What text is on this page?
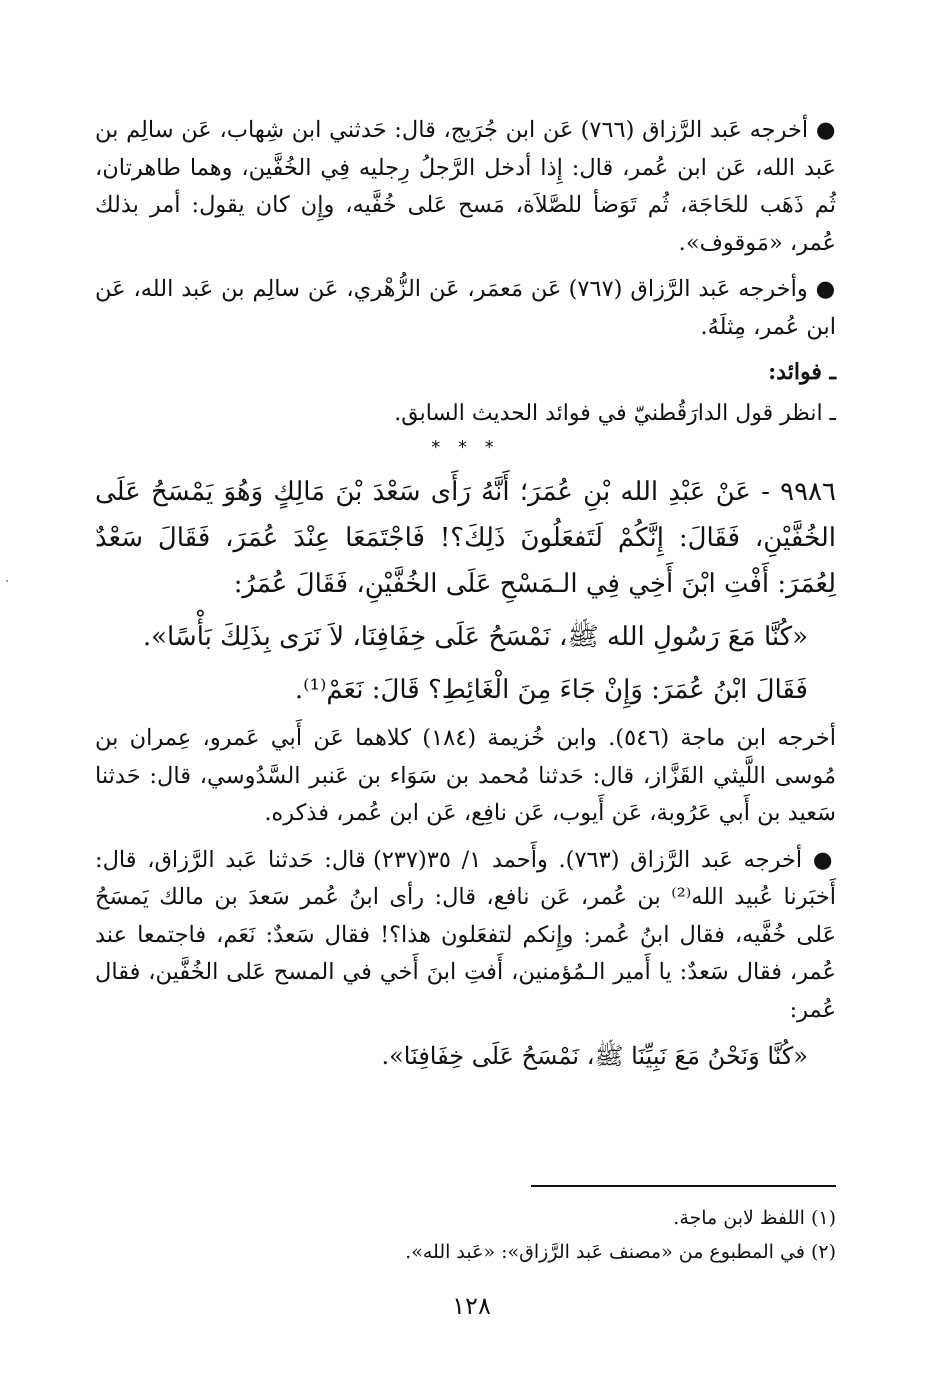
● أخرجه عَبد الرَّزاق (٧٦٦) عَن ابن جُرَيج، قال: حَدثني ابن شِهاب، عَن سالِم بن عَبد الله، عَن ابن عُمر، قال: إِذا أدخل الرَّجلُ رِجليه فِي الخُفَّين، وهما طاهرتان، ثُم ذَهَب للحَاجَة، ثُم تَوَضأ للصَّلاَة، مَسح عَلى خُفَّيه، وإِن كان يقول: أمر بذلك عُمر، «مَوقوف».

● وأخرجه عَبد الرَّزاق (٧٦٧) عَن مَعمَر، عَن الزُّهْري، عَن سالِم بن عَبد الله، عَن ابن عُمر، مِثلَهُ.

ـ فوائد:

ـ انظر قول الدارَقُطنيّ في فوائد الحديث السابق.

* * *

٩٩٨٦ - عَنْ عَبْدِ الله بْنِ عُمَرَ؛ أَنَّهُ رَأَى سَعْدَ بْنَ مَالِكٍ وَهُوَ يَمْسَحُ عَلَى الخُفَّيْنِ، فَقَالَ: إِنَّكُمْ لَتَفعَلُونَ ذَلِكَ؟! فَاجْتَمَعَا عِنْدَ عُمَرَ، فَقَالَ سَعْدٌ لِعُمَرَ: أَفْتِ ابْنَ أَخِي فِي الـمَسْحِ عَلَى الخُفَّيْنِ، فَقَالَ عُمَرُ:

«كُنَّا مَعَ رَسُولِ الله ﷺ، نَمْسَحُ عَلَى خِفَافِنَا، لاَ نَرَى بِذَلِكَ بَأْسًا».

فَقَالَ ابْنُ عُمَرَ: وَإِنْ جَاءَ مِنَ الْغَائِطِ؟ قَالَ: نَعَمْ⁽¹⁾.

أخرجه ابن ماجة (٥٤٦). وابن خُزيمة (١٨٤) كلاهما عَن أَبي عَمرو، عِمران بن مُوسى اللَّيثي القَزَّاز، قال: حَدثنا مُحمد بن سَوَاء بن عَنبر السَّدُوسي، قال: حَدثنا سَعيد بن أَبي عَرُوبة، عَن أَيوب، عَن نافِع، عَن ابن عُمر، فذكره.

● أخرجه عَبد الرَّزاق (٧٦٣). وأَحمد ١/ ٣٥(٢٣٧) قال: حَدثنا عَبد الرَّزاق، قال: أَخبَرنا عُبيد الله⁽²⁾ بن عُمر، عَن نافع، قال: رأى ابنُ عُمر سَعدَ بن مالك يَمسَحُ عَلى خُفَّيه، فقال ابنُ عُمر: وإِنكم لتفعَلون هذا؟! فقال سَعدٌ: نَعَم، فاجتمعا عند عُمر، فقال سَعدٌ: يا أَمير الـمُؤمنين، أَفتِ ابنَ أَخي في المسح عَلى الخُفَّين، فقال عُمر:

«كُنَّا وَنَحْنُ مَعَ نَبِيِّنَا ﷺ، نَمْسَحُ عَلَى خِفَافِنَا».

(١) اللفظ لابن ماجة.
(٢) في المطبوع من «مصنف عَبد الرَّزاق»: «عَبد الله».
١٢٨
